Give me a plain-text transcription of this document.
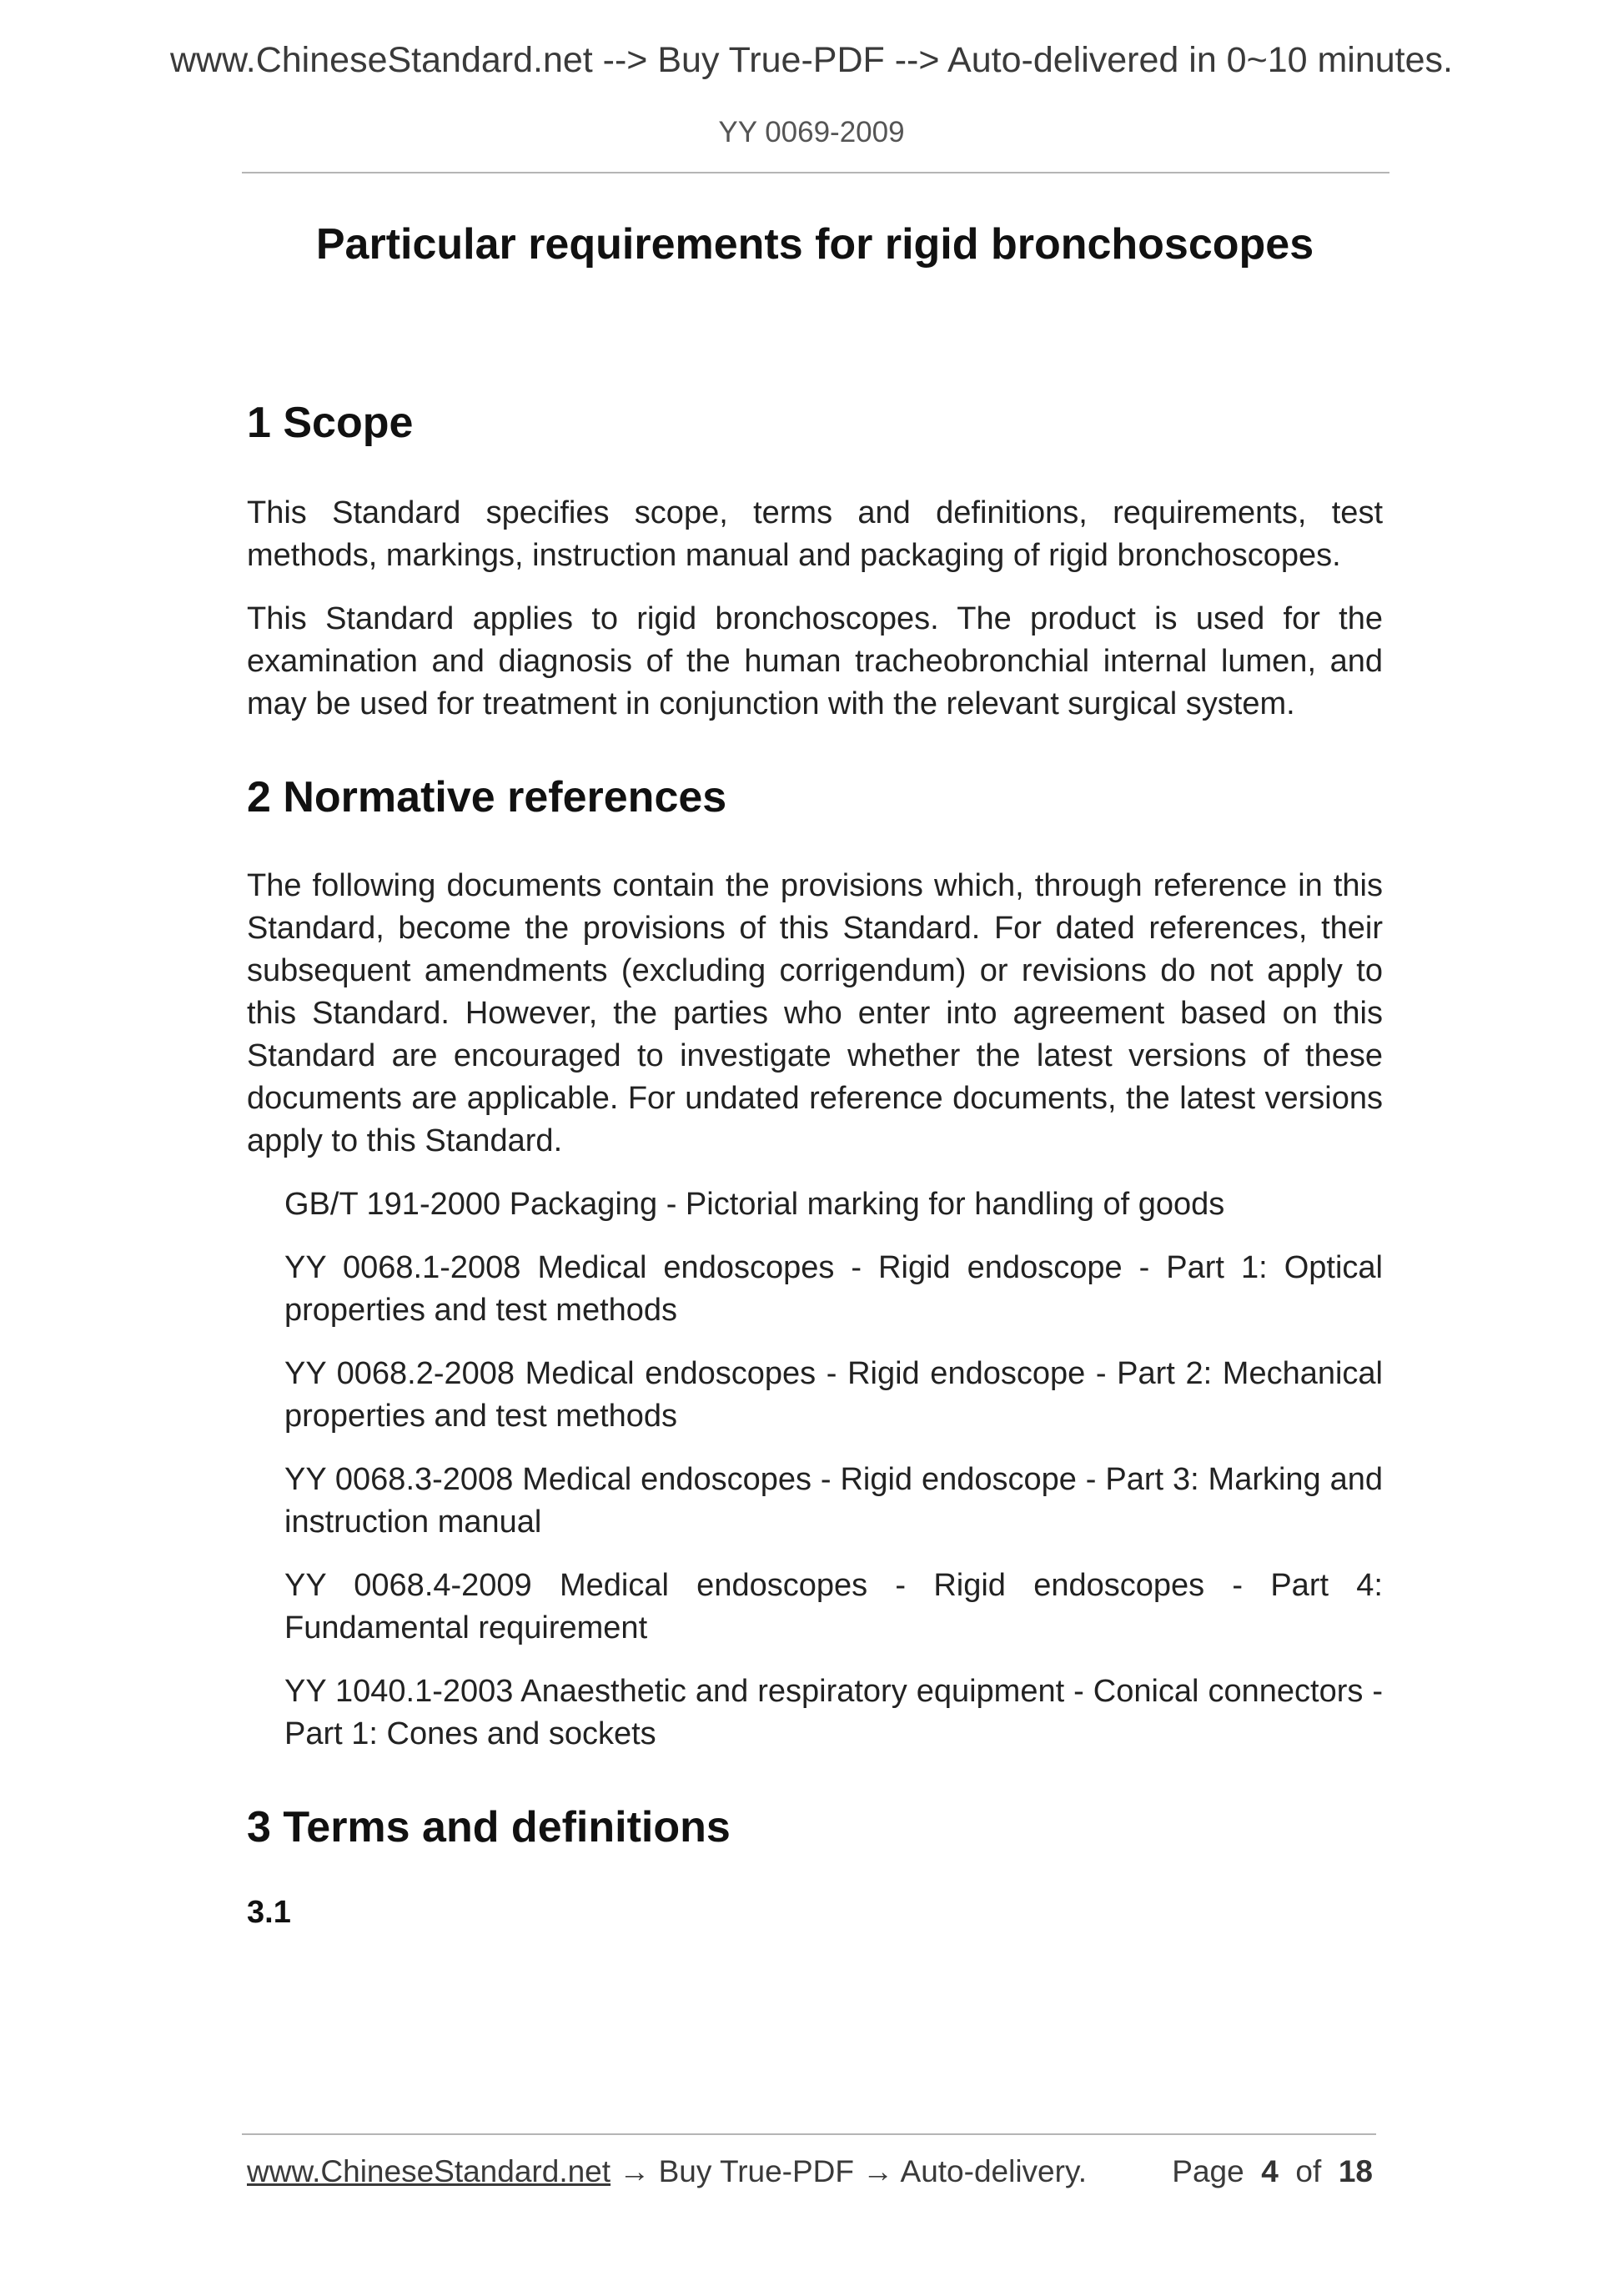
www.ChineseStandard.net --> Buy True-PDF --> Auto-delivered in 0~10 minutes.
YY 0069-2009
Particular requirements for rigid bronchoscopes
1 Scope

This Standard specifies scope, terms and definitions, requirements, test methods, markings, instruction manual and packaging of rigid bronchoscopes.

This Standard applies to rigid bronchoscopes. The product is used for the examination and diagnosis of the human tracheobronchial internal lumen, and may be used for treatment in conjunction with the relevant surgical system.

2 Normative references

The following documents contain the provisions which, through reference in this Standard, become the provisions of this Standard. For dated references, their subsequent amendments (excluding corrigendum) or revisions do not apply to this Standard. However, the parties who enter into agreement based on this Standard are encouraged to investigate whether the latest versions of these documents are applicable. For undated reference documents, the latest versions apply to this Standard.

GB/T 191-2000 Packaging - Pictorial marking for handling of goods

YY 0068.1-2008 Medical endoscopes - Rigid endoscope - Part 1: Optical properties and test methods

YY 0068.2-2008 Medical endoscopes - Rigid endoscope - Part 2: Mechanical properties and test methods

YY 0068.3-2008 Medical endoscopes - Rigid endoscope - Part 3: Marking and instruction manual

YY 0068.4-2009 Medical endoscopes - Rigid endoscopes - Part 4: Fundamental requirement

YY 1040.1-2003 Anaesthetic and respiratory equipment - Conical connectors - Part 1: Cones and sockets

3 Terms and definitions

3.1

www.ChineseStandard.net → Buy True-PDF → Auto-delivery.	Page 4 of 18
